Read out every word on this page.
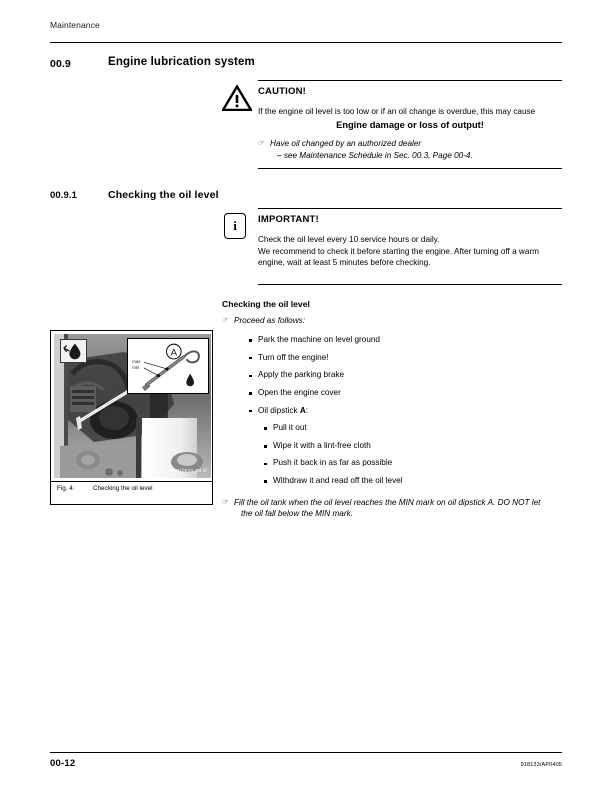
Maintenance
00.9	Engine lubrication system
CAUTION!
If the engine oil level is too low or if an oil change is overdue, this may cause
Engine damage or loss of output!
☞ Have oil changed by an authorized dealer
– see Maintenance Schedule in Sec. 00.3, Page 00-4.
00.9.1	Checking the oil level
i	IMPORTANT!
Check the oil level every 10 service hours or daily.
We recommend to check it before starting the engine. After turning off a warm
engine, wait at least 5 minutes before checking.
Checking the oil level
☞ Proceed as follows:
Park the machine on level ground
Turn off the engine!
Apply the parking brake
Open the engine cover
Oil dipstick A:
Pull it out
Wipe it with a lint-free cloth
Push it back in as far as possible
Withdraw it and read off the oil level
☞ Fill the oil tank when the oil level reaches the MIN mark on oil dipstick A. DO NOT let
the oil fall below the MIN mark.
max
min
A
34001b510_03.tif
Fig. 4:	Checking the oil level
00-12	918133/AP0405
